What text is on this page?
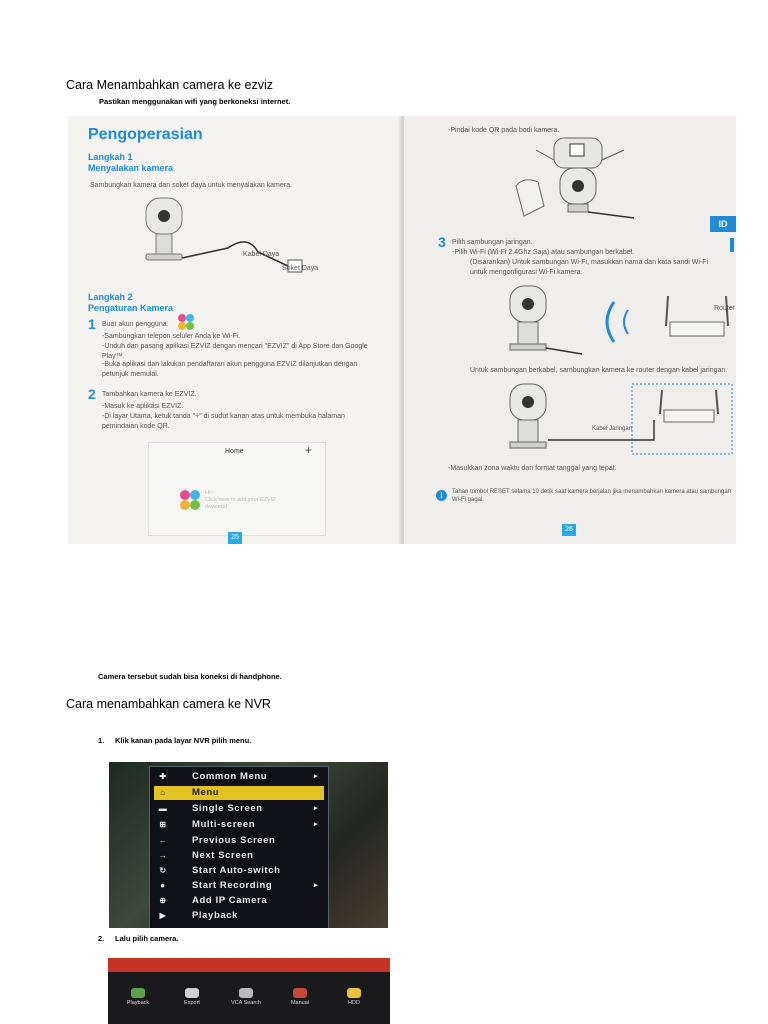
Cara Menambahkan camera ke ezviz
Pastikan menggunakan wifi yang berkoneksi internet.
Pengoperasian
Langkah 1
Menyalakan kamera
Sambungkan kamera dan soket daya untuk menyalakan kamera.
Kabel Daya
Soket Daya
Langkah 2
Pengaturan Kamera
1 Buat akun pengguna.
-Sambungkan telepon seluler Anda ke Wi-Fi.
-Unduh dan pasang aplikasi EZVIZ dengan mencari "EZVIZ" di App Store dan Google Play™.
-Buka aplikasi dan lakukan pendaftaran akun pengguna EZVIZ dilanjutkan dengan petunjuk memulai.
2 Tambahkan kamera ke EZVIZ.
-Masuk ke aplikasi EZVIZ.
-Di layar Utama, ketuk tanda "+" di sudut kanan atas untuk membuka halaman pemindaian kode QR.
Home	+
Hi~
Click here to add your EZVIZ device(s)
25
-Pindai kode QR pada bodi kamera.
ID
3 Pilih sambungan jaringan.
-Pilih Wi-Fi (Wi-Fi 2.4Ghz Saja) atau sambungan berkabel.
(Disarankan) Untuk sambungan Wi-Fi, masukkan nama dan kata sandi Wi-Fi untuk mengonfigurasi Wi-Fi kamera.
Router
Untuk sambungan berkabel, sambungkan kamera ke router dengan kabel jaringan.
Kabel Jaringan
-Masukkan zona waktu dan format tanggal yang tepat.
i	Tahan tombol RESET selama 10 detik saat kamera berjalan jika menambahkan kamera atau sambungan Wi-Fi gagal.
26
Camera tersebut sudah bisa koneksi di handphone.
Cara menambahkan camera ke NVR
1. Klik kanan pada layar NVR pilih menu.
✚	Common Menu	▸
⌂	Menu
▬	Single Screen	▸
⊞	Multi-screen	▸
←	Previous Screen
→	Next Screen
↻	Start Auto-switch
●	Start Recording	▸
⊕	Add IP Camera
▶	Playback
2. Lalu pilih camera.
Playback	Export	VCA Search	Manual	HDD
